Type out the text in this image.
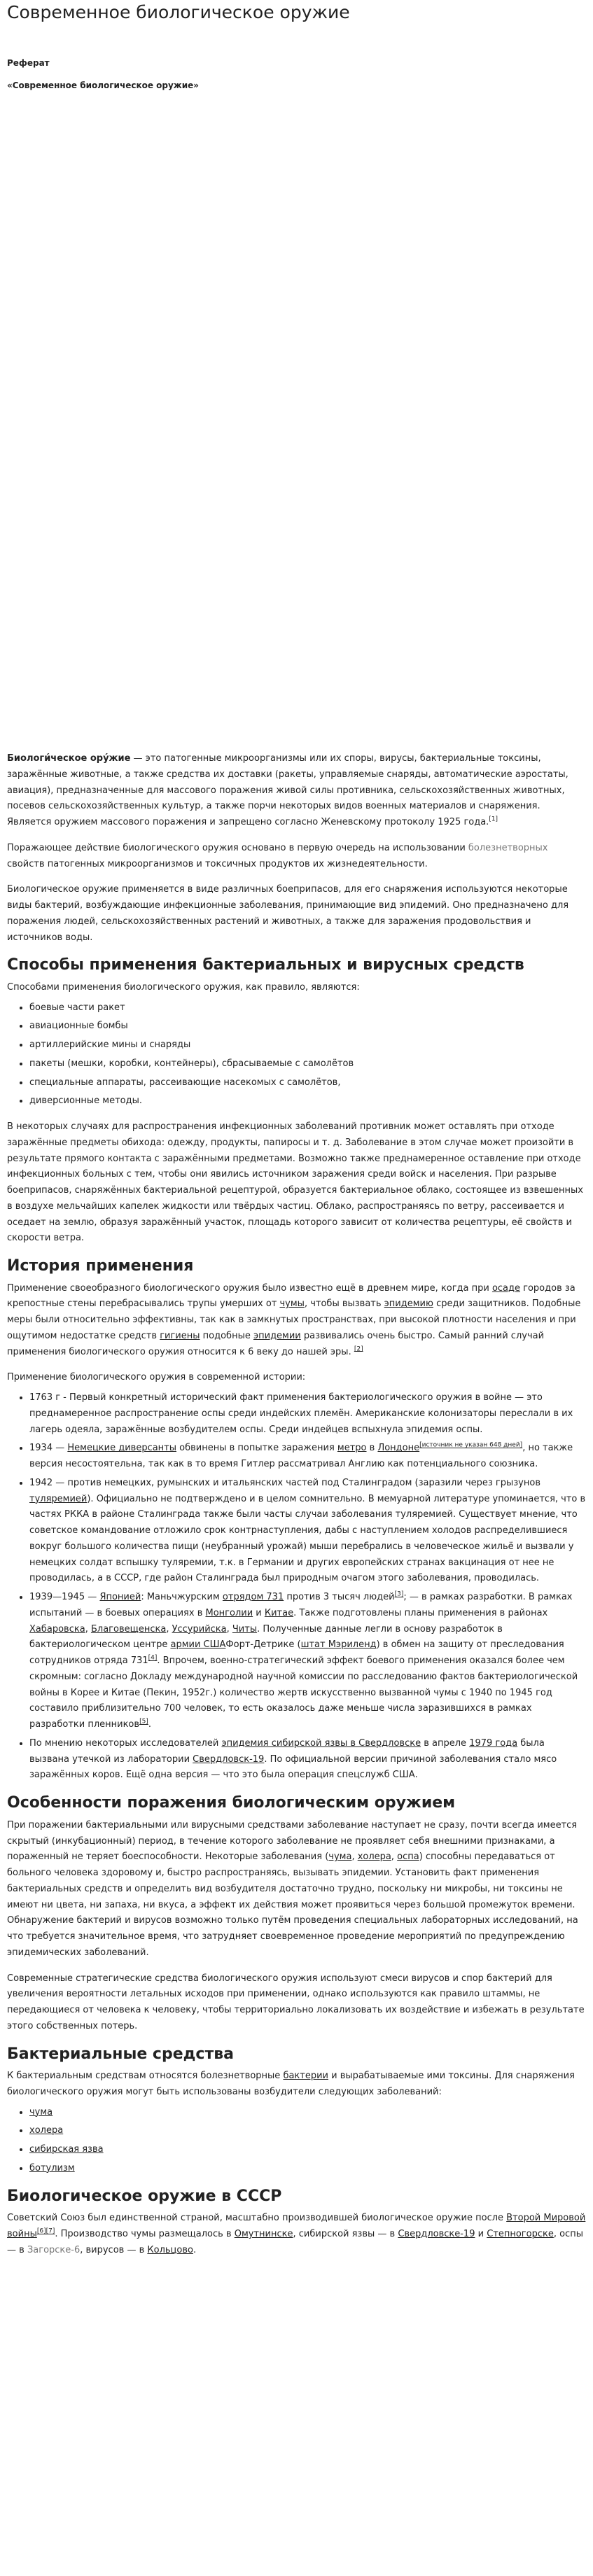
Современное биологическое оружие
Реферат
«Современное биологическое оружие»

Биологи́ческое ору́жие — это патогенные микроорганизмы или их споры, вирусы, бактериальные токсины, заражённые животные, а также средства их доставки (ракеты, управляемые снаряды, автоматические аэростаты, авиация), предназначенные для массового поражения живой силы противника, сельскохозяйственных животных, посевов сельскохозяйственных культур, а также порчи некоторых видов военных материалов и снаряжения. Является оружием массового поражения и запрещено согласно Женевскому протоколу 1925 года.[1]

Поражающее действие биологического оружия основано в первую очередь на использовании болезнетворных свойств патогенных микроорганизмов и токсичных продуктов их жизнедеятельности.

Биологическое оружие применяется в виде различных боеприпасов, для его снаряжения используются некоторые виды бактерий, возбуждающие инфекционные заболевания, принимающие вид эпидемий. Оно предназначено для поражения людей, сельскохозяйственных растений и животных, а также для заражения продовольствия и источников воды.

Способы применения бактериальных и вирусных средств

Способами применения биологического оружия, как правило, являются:

• боевые части ракет
• авиационные бомбы
• артиллерийские мины и снаряды
• пакеты (мешки, коробки, контейнеры), сбрасываемые с самолётов
• специальные аппараты, рассеивающие насекомых с самолётов,
• диверсионные методы.

В некоторых случаях для распространения инфекционных заболеваний противник может оставлять при отходе заражённые предметы обихода: одежду, продукты, папиросы и т. д. Заболевание в этом случае может произойти в результате прямого контакта с заражёнными предметами. Возможно также преднамеренное оставление при отходе инфекционных больных с тем, чтобы они явились источником заражения среди войск и населения. При разрыве боеприпасов, снаряжённых бактериальной рецептурой, образуется бактериальное облако, состоящее из взвешенных в воздухе мельчайших капелек жидкости или твёрдых частиц. Облако, распространяясь по ветру, рассеивается и оседает на землю, образуя заражённый участок, площадь которого зависит от количества рецептуры, её свойств и скорости ветра.

История применения

Применение своеобразного биологического оружия было известно ещё в древнем мире, когда при осаде городов за крепостные стены перебрасывались трупы умерших от чумы, чтобы вызвать эпидемию среди защитников. Подобные меры были относительно эффективны, так как в замкнутых пространствах, при высокой плотности населения и при ощутимом недостатке средств гигиены подобные эпидемии развивались очень быстро. Самый ранний случай применения биологического оружия относится к 6 веку до нашей эры. [2]

Применение биологического оружия в современной истории:

• 1763 г - Первый конкретный исторический факт применения бактериологического оружия в войне — это преднамеренное распространение оспы среди индейских племён. Американские колонизаторы переслали в их лагерь одеяла, заражённые возбудителем оспы. Среди индейцев вспыхнула эпидемия оспы.
• 1934 — Немецкие диверсанты обвинены в попытке заражения метро в Лондоне[источник не указан 648 дней], но также версия несостоятельна, так как в то время Гитлер рассматривал Англию как потенциального союзника.
• 1942 — против немецких, румынских и итальянских частей под Сталинградом (заразили через грызунов туляремией). Официально не подтверждено и в целом сомнительно. В мемуарной литературе упоминается, что в частях РККА в районе Сталинграда также были часты случаи заболевания туляремией. Существует мнение, что советское командование отложило срок контрнаступления, дабы с наступлением холодов распределившиеся вокруг большого количества пищи (неубранный урожай) мыши перебрались в человеческое жильё и вызвали у немецких солдат вспышку туляремии, т.к. в Германии и других европейских странах вакцинация от нее не проводилась, а в СССР, где район Сталинграда был природным очагом этого заболевания, проводилась.
• 1939—1945 — Японией: Маньчжурским отрядом 731 против 3 тысяч людей[3]; — в рамках разработки. В рамках испытаний — в боевых операциях в Монголии и Китае. Также подготовлены планы применения в районах Хабаровска, Благовещенска, Уссурийска, Читы. Полученные данные легли в основу разработок в бактериологическом центре армии СШАФорт-Детрике (штат Мэриленд) в обмен на защиту от преследования сотрудников отряда 731[4]. Впрочем, военно-стратегический эффект боевого применения оказался более чем скромным: согласно Докладу международной научной комиссии по расследованию фактов бактериологической войны в Корее и Китае (Пекин, 1952г.) количество жертв искусственно вызванной чумы с 1940 по 1945 год составило приблизительно 700 человек, то есть оказалось даже меньше числа заразившихся в рамках разработки пленников[5].
• По мнению некоторых исследователей эпидемия сибирской язвы в Свердловске в апреле 1979 года была вызвана утечкой из лаборатории Свердловск-19. По официальной версии причиной заболевания стало мясо заражённых коров. Ещё одна версия — что это была операция спецслужб США.
Особенности поражения биологическим оружием

При поражении бактериальными или вирусными средствами заболевание наступает не сразу, почти всегда имеется скрытый (инкубационный) период, в течение которого заболевание не проявляет себя внешними признаками, а пораженный не теряет боеспособности. Некоторые заболевания (чума, холера, оспа) способны передаваться от больного человека здоровому и, быстро распространяясь, вызывать эпидемии. Установить факт применения бактериальных средств и определить вид возбудителя достаточно трудно, поскольку ни микробы, ни токсины не имеют ни цвета, ни запаха, ни вкуса, а эффект их действия может проявиться через большой промежуток времени. Обнаружение бактерий и вирусов возможно только путём проведения специальных лабораторных исследований, на что требуется значительное время, что затрудняет своевременное проведение мероприятий по предупреждению эпидемических заболеваний.

Современные стратегические средства биологического оружия используют смеси вирусов и спор бактерий для увеличения вероятности летальных исходов при применении, однако используются как правило штаммы, не передающиеся от человека к человеку, чтобы территориально локализовать их воздействие и избежать в результате этого собственных потерь.

Бактериальные средства

К бактериальным средствам относятся болезнетворные бактерии и вырабатываемые ими токсины. Для снаряжения биологического оружия могут быть использованы возбудители следующих заболеваний:

• чума
• холера
• сибирская язва
• ботулизм
Биологическое оружие в СССР

Советский Союз был единственной страной, масштабно производившей биологическое оружие после Второй Мировой войны[6][7]. Производство чумы размещалось в Омутнинске, сибирской язвы — в Свердловске-19 и Степногорске, оспы — в Загорске-6, вирусов — в Кольцово.
